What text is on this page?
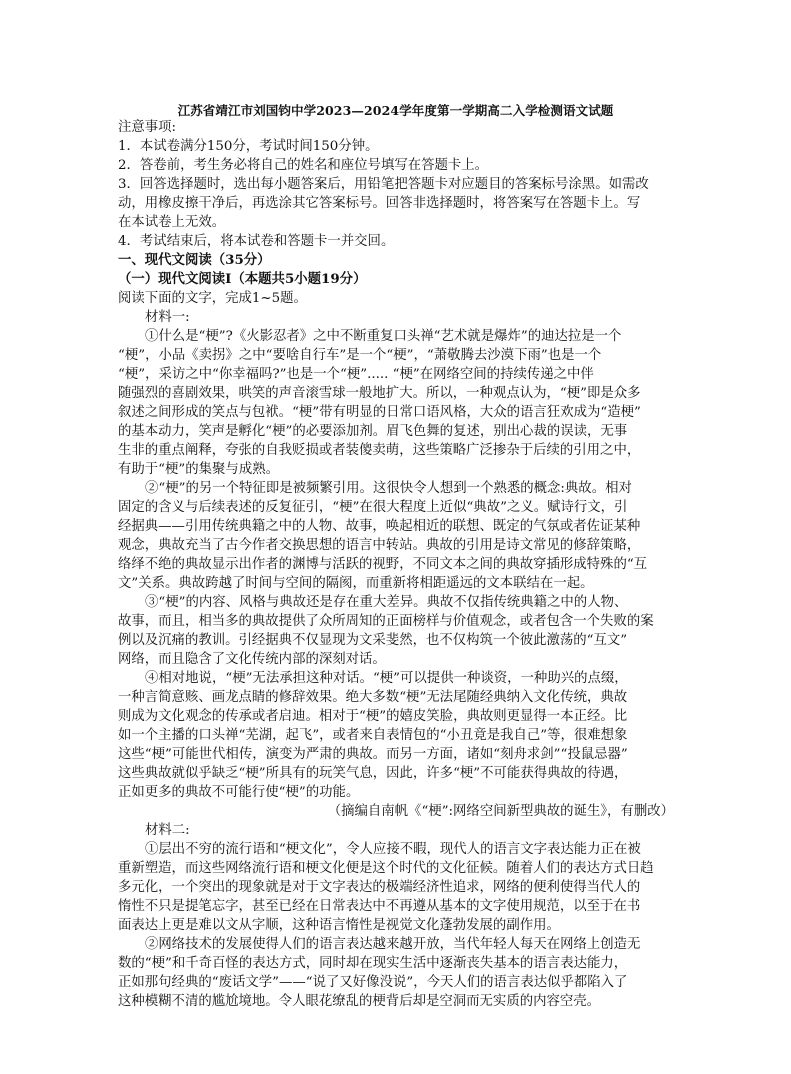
江苏省靖江市刘国钧中学2023—2024学年度第一学期高二入学检测语文试题
注意事项:
1．本试卷满分150分，考试时间150分钟。
2．答卷前，考生务必将自己的姓名和座位号填写在答题卡上。
3．回答选择题时，选出每小题答案后，用铅笔把答题卡对应题目的答案标号涂黑。如需改
动，用橡皮擦干净后，再选涂其它答案标号。回答非选择题时，将答案写在答题卡上。写
在本试卷上无效。
4．考试结束后，将本试卷和答题卡一并交回。
一、现代文阅读（35分）
（一）现代文阅读Ⅰ（本题共5小题19分）
阅读下面的文字，完成1~5题。
材料一:
①什么是“梗”?《火影忍者》之中不断重复口头禅“艺术就是爆炸”的迪达拉是一个
“梗”，小品《卖拐》之中“要啥自行车”是一个“梗”，“萧敬腾去沙漠下雨”也是一个
“梗”，采访之中“你幸福吗?”也是一个“梗”..... “梗”在网络空间的持续传递之中伴
随强烈的喜剧效果，哄笑的声音滚雪球一般地扩大。所以，一种观点认为，“梗”即是众多
叙述之间形成的笑点与包袱。“梗”带有明显的日常口语风格，大众的语言狂欢成为“造梗”
的基本动力，笑声是孵化“梗”的必要添加剂。眉飞色舞的复述，别出心裁的误读，无事
生非的重点阐释，夸张的自我贬损或者装傻卖萌，这些策略广泛掺杂于后续的引用之中，
有助于“梗”的集聚与成熟。
②“梗”的另一个特征即是被频繁引用。这很快令人想到一个熟悉的概念:典故。相对
固定的含义与后续表述的反复征引，“梗”在很大程度上近似“典故”之义。赋诗行文，引
经据典——引用传统典籍之中的人物、故事，唤起相近的联想、既定的气氛或者佐证某种
观念，典故充当了古今作者交换思想的语言中转站。典故的引用是诗文常见的修辞策略，
络绎不绝的典故显示出作者的渊博与活跃的视野，不同文本之间的典故穿插形成特殊的“互
文”关系。典故跨越了时间与空间的隔阂，而重新将相距遥远的文本联结在一起。
③“梗”的内容、风格与典故还是存在重大差异。典故不仅指传统典籍之中的人物、
故事，而且，相当多的典故提供了众所周知的正面榜样与价值观念，或者包含一个失败的案
例以及沉痛的教训。引经据典不仅显现为文采斐然，也不仅构筑一个彼此激荡的“互文”
网络，而且隐含了文化传统内部的深刻对话。
④相对地说，“梗”无法承担这种对话。“梗”可以提供一种谈资，一种助兴的点缀，
一种言简意赅、画龙点睛的修辞效果。绝大多数“梗”无法尾随经典纳入文化传统，典故
则成为文化观念的传承或者启迪。相对于“梗”的嬉皮笑脸，典故则更显得一本正经。比
如一个主播的口头禅“芜湖，起飞”，或者来自表情包的“小丑竟是我自己”等，很难想象
这些“梗”可能世代相传，演变为严肃的典故。而另一方面，诸如“刻舟求剑”“投鼠忌器”
这些典故就似乎缺乏“梗”所具有的玩笑气息，因此，许多“梗”不可能获得典故的待遇，
正如更多的典故不可能行使“梗”的功能。
（摘编自南帆《“梗”:网络空间新型典故的诞生》，有删改）
材料二:
①层出不穷的流行语和“梗文化”，令人应接不暇，现代人的语言文字表达能力正在被
重新塑造，而这些网络流行语和梗文化便是这个时代的文化征候。随着人们的表达方式日趋
多元化，一个突出的现象就是对于文字表达的极端经济性追求，网络的便利使得当代人的
惰性不只是提笔忘字，甚至已经在日常表达中不再遵从基本的文字使用规范，以至于在书
面表达上更是难以文从字顺，这种语言惰性是视觉文化蓬勃发展的副作用。
②网络技术的发展使得人们的语言表达越来越开放，当代年轻人每天在网络上创造无
数的“梗”和千奇百怪的表达方式，同时却在现实生活中逐渐丧失基本的语言表达能力，
正如那句经典的“废话文学”——“说了又好像没说”，今天人们的语言表达似乎都陷入了
这种模糊不清的尴尬境地。令人眼花缭乱的梗背后却是空洞而无实质的内容空壳。
